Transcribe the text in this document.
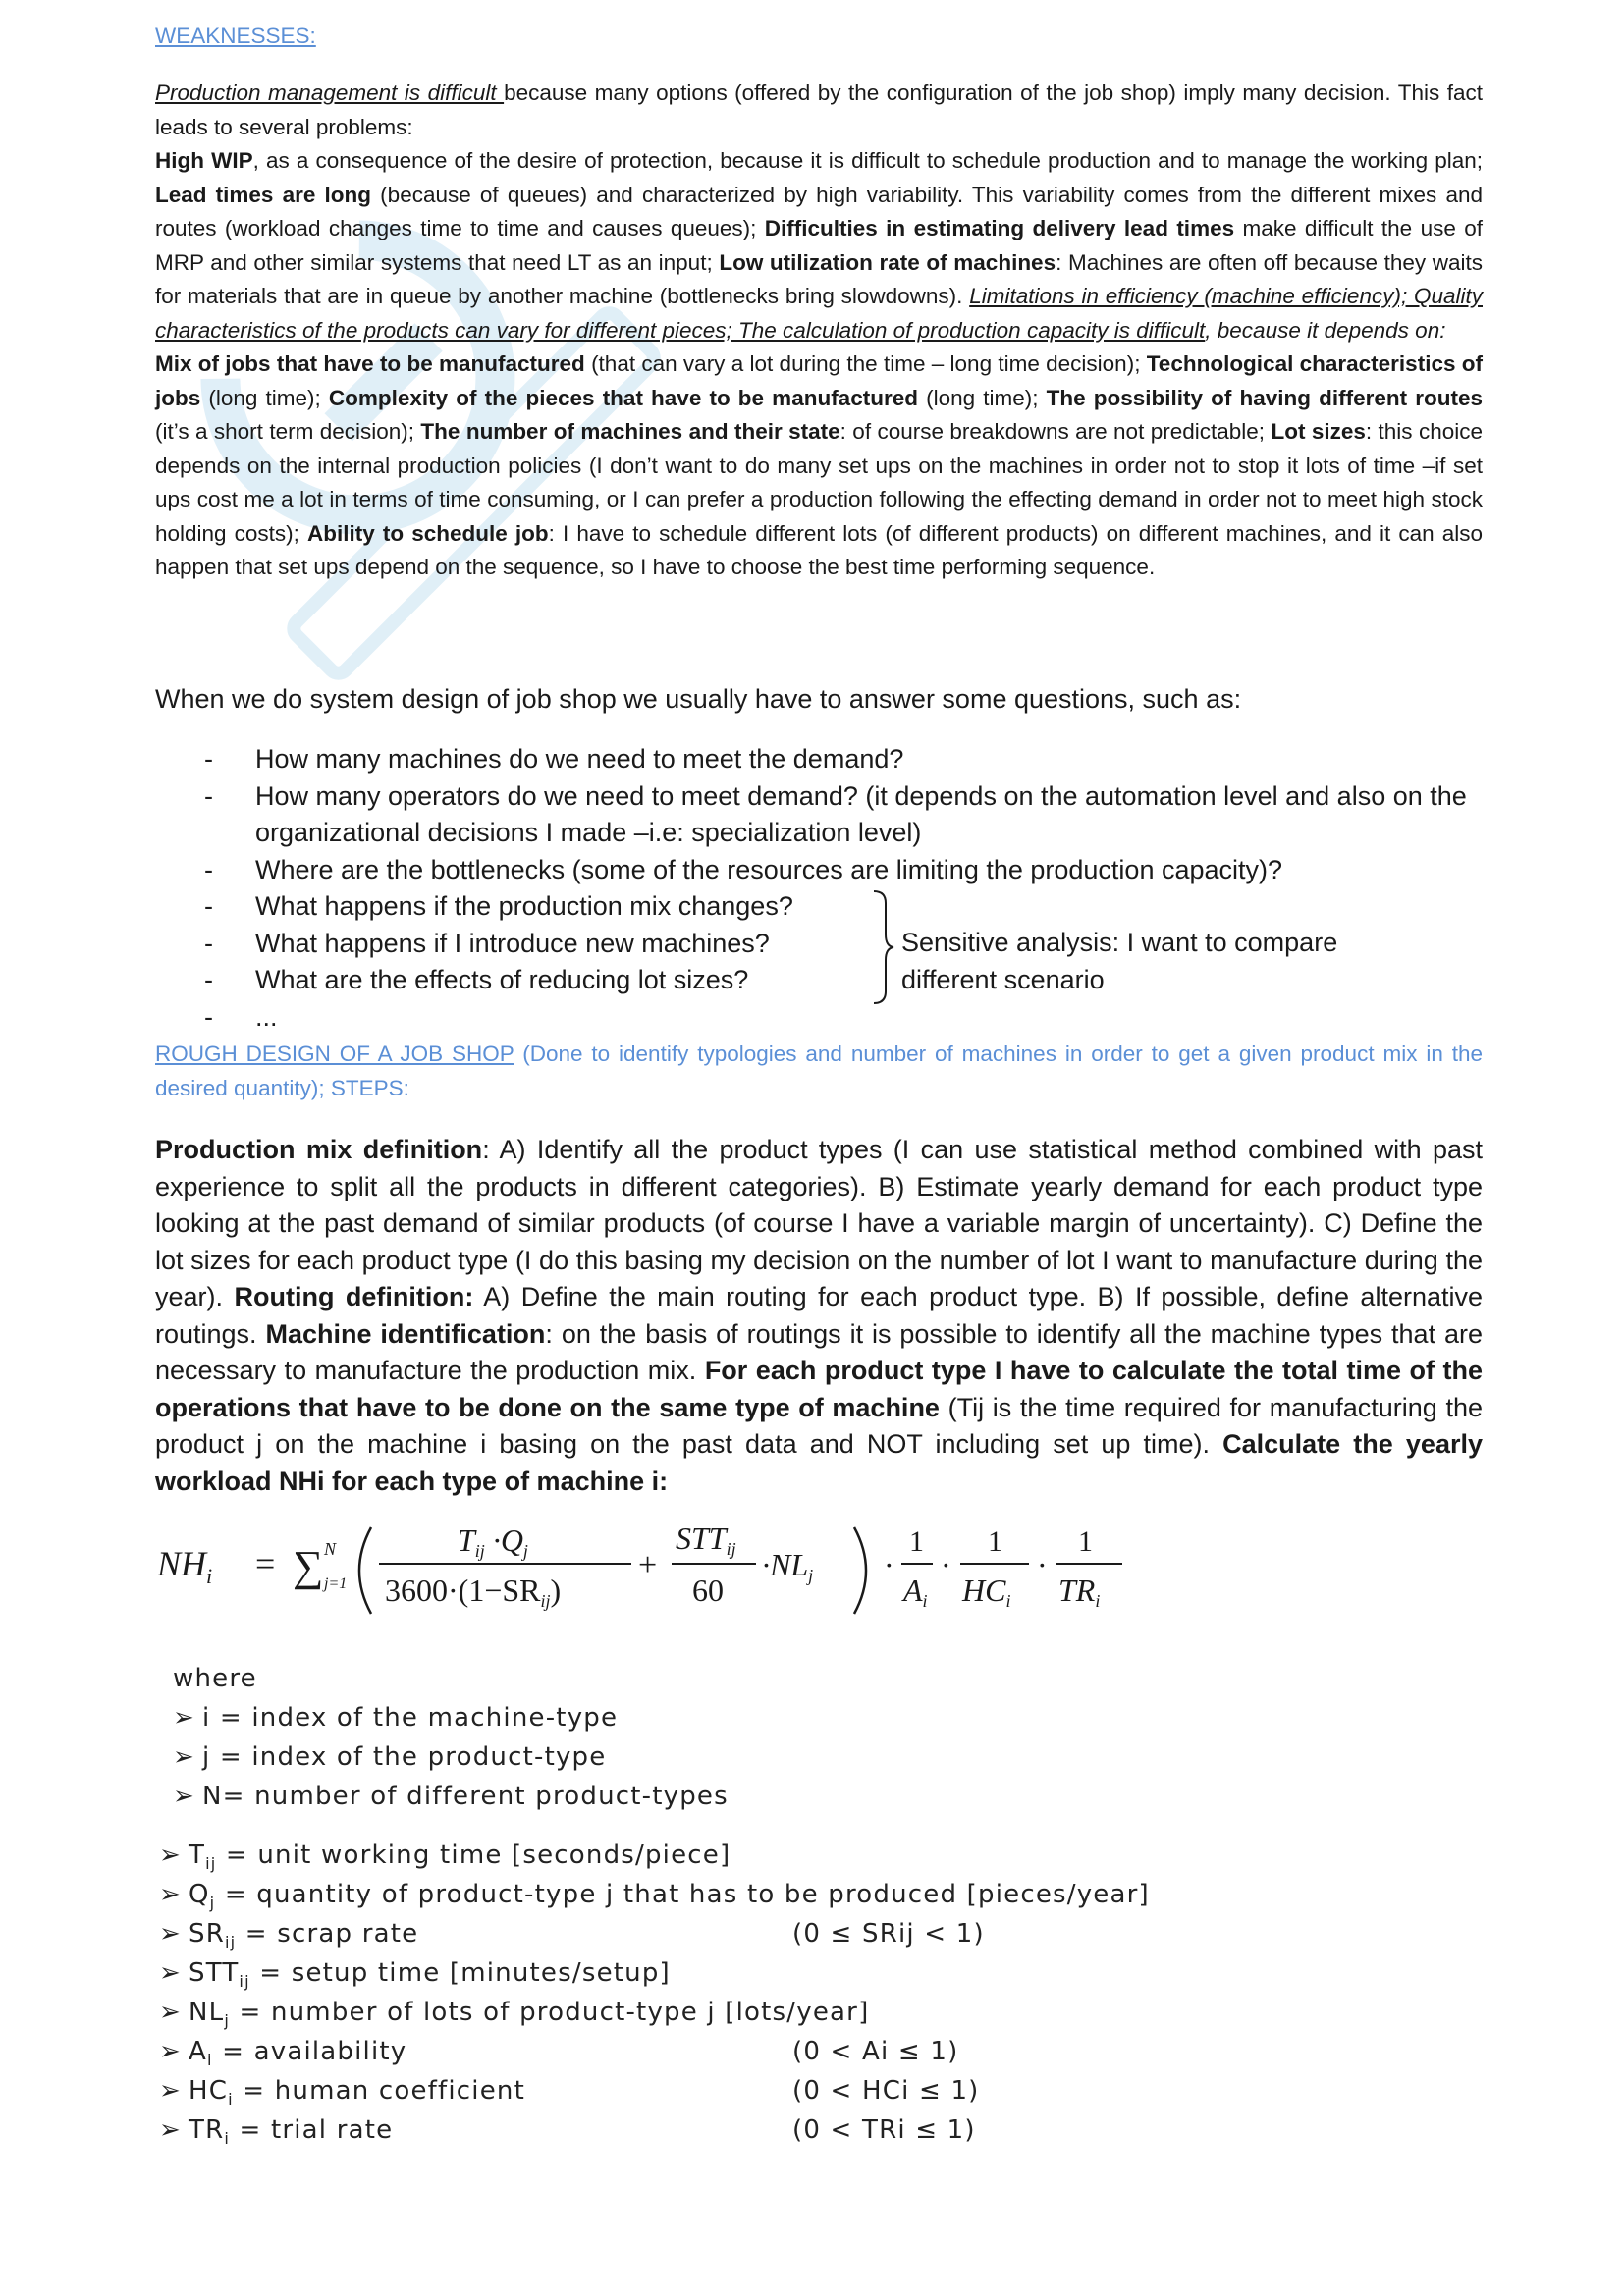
WEAKNESSES:
Production management is difficult because many options (offered by the configuration of the job shop) imply many decision. This fact leads to several problems:
High WIP, as a consequence of the desire of protection, because it is difficult to schedule production and to manage the working plan; Lead times are long (because of queues) and characterized by high variability. This variability comes from the different mixes and routes (workload changes time to time and causes queues); Difficulties in estimating delivery lead times make difficult the use of MRP and other similar systems that need LT as an input; Low utilization rate of machines: Machines are often off because they waits for materials that are in queue by another machine (bottlenecks bring slowdowns). Limitations in efficiency (machine efficiency); Quality characteristics of the products can vary for different pieces; The calculation of production capacity is difficult, because it depends on:
Mix of jobs that have to be manufactured (that can vary a lot during the time – long time decision); Technological characteristics of jobs (long time); Complexity of the pieces that have to be manufactured (long time); The possibility of having different routes (it’s a short term decision); The number of machines and their state: of course breakdowns are not predictable; Lot sizes: this choice depends on the internal production policies (I don’t want to do many set ups on the machines in order not to stop it lots of time –if set ups cost me a lot in terms of time consuming, or I can prefer a production following the effecting demand in order not to meet high stock holding costs); Ability to schedule job: I have to schedule different lots (of different products) on different machines, and it can also happen that set ups depend on the sequence, so I have to choose the best time performing sequence.
When we do system design of job shop we usually have to answer some questions, such as:
- How many machines do we need to meet the demand?
- How many operators do we need to meet demand? (it depends on the automation level and also on the organizational decisions I made –i.e: specialization level)
- Where are the bottlenecks (some of the resources are limiting the production capacity)?
- What happens if the production mix changes?
- What happens if I introduce new machines?
- What are the effects of reducing lot sizes?
- ...
Sensitive analysis: I want to compare
different scenario
ROUGH DESIGN OF A JOB SHOP (Done to identify typologies and number of machines in order to get a given product mix in the desired quantity); STEPS:
Production mix definition: A) Identify all the product types (I can use statistical method combined with past experience to split all the products in different categories). B) Estimate yearly demand for each product type looking at the past demand of similar products (of course I have a variable margin of uncertainty). C) Define the lot sizes for each product type (I do this basing my decision on the number of lot I want to manufacture during the year). Routing definition: A) Define the main routing for each product type. B) If possible, define alternative routings. Machine identification: on the basis of routings it is possible to identify all the machine types that are necessary to manufacture the production mix. For each product type I have to calculate the total time of the operations that have to be done on the same type of machine (Tij is the time required for manufacturing the product j on the machine i basing on the past data and NOT including set up time). Calculate the yearly workload NHi for each type of machine i:
$NH_i$ = ∑ N
j=1
Tij ·Qj
3600·(1−SRij)
+
STTij
60
·NLj ·
1
Ai
·
1
HCi
·
1
TRi
where
➢ i = index of the machine-type
➢ j = index of the product-type
➢ N= number of different product-types
➢ $T_{ij}$ = unit working time [seconds/piece]
➢ $Q_j$ = quantity of product-type j that has to be produced [pieces/year]
➢ $SR_{ij}$ = scrap rate	(0 ≤ SRij < 1)
➢ $STT_{ij}$ = setup time [minutes/setup]
➢ $NL_j$ = number of lots of product-type j [lots/year]
➢ $A_i$ = availability	(0 < Ai ≤ 1)
➢ $HC_i$ = human coefficient	(0 < HCi ≤ 1)
➢ $TR_i$ = trial rate	(0 < TRi ≤ 1)
